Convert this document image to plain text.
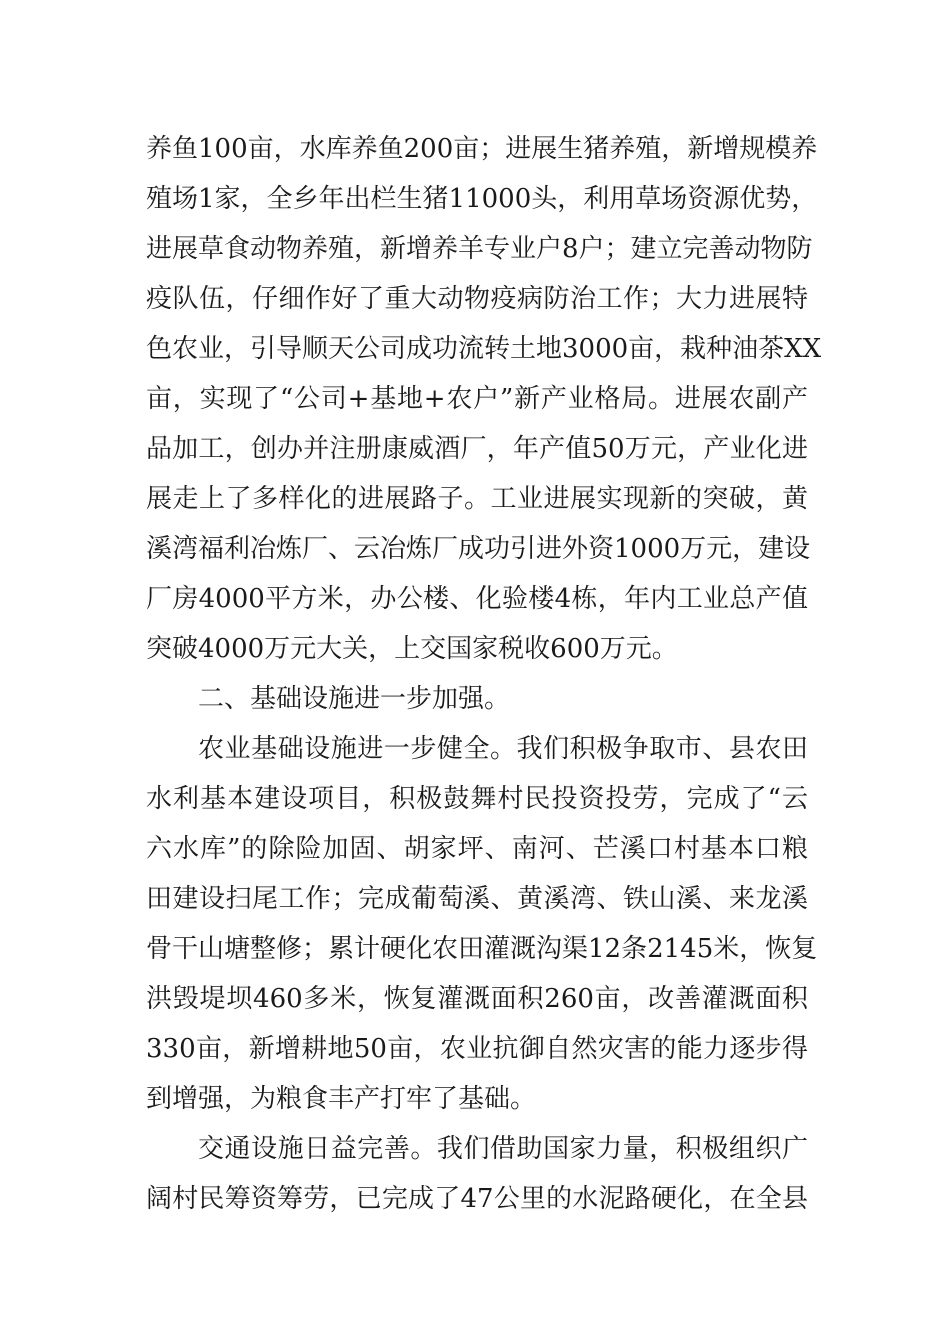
养鱼100亩，水库养鱼200亩；进展生猪养殖，新增规模养
殖场1家，全乡年出栏生猪11000头，利用草场资源优势，
进展草食动物养殖，新增养羊专业户8户；建立完善动物防
疫队伍，仔细作好了重大动物疫病防治工作；大力进展特
色农业，引导顺天公司成功流转土地3000亩，栽种油茶XX
亩，实现了“公司+基地+农户”新产业格局。进展农副产
品加工，创办并注册康威酒厂，年产值50万元，产业化进
展走上了多样化的进展路子。工业进展实现新的突破，黄
溪湾福利冶炼厂、云冶炼厂成功引进外资1000万元，建设
厂房4000平方米，办公楼、化验楼4栋，年内工业总产值
突破4000万元大关，上交国家税收600万元。
二、基础设施进一步加强。
农业基础设施进一步健全。我们积极争取市、县农田
水利基本建设项目，积极鼓舞村民投资投劳，完成了“云
六水库”的除险加固、胡家坪、南河、芒溪口村基本口粮
田建设扫尾工作；完成葡萄溪、黄溪湾、铁山溪、来龙溪
骨干山塘整修；累计硬化农田灌溉沟渠12条2145米，恢复
洪毁堤坝460多米，恢复灌溉面积260亩，改善灌溉面积
330亩，新增耕地50亩，农业抗御自然灾害的能力逐步得
到增强，为粮食丰产打牢了基础。
交通设施日益完善。我们借助国家力量，积极组织广
阔村民筹资筹劳，已完成了47公里的水泥路硬化，在全县
